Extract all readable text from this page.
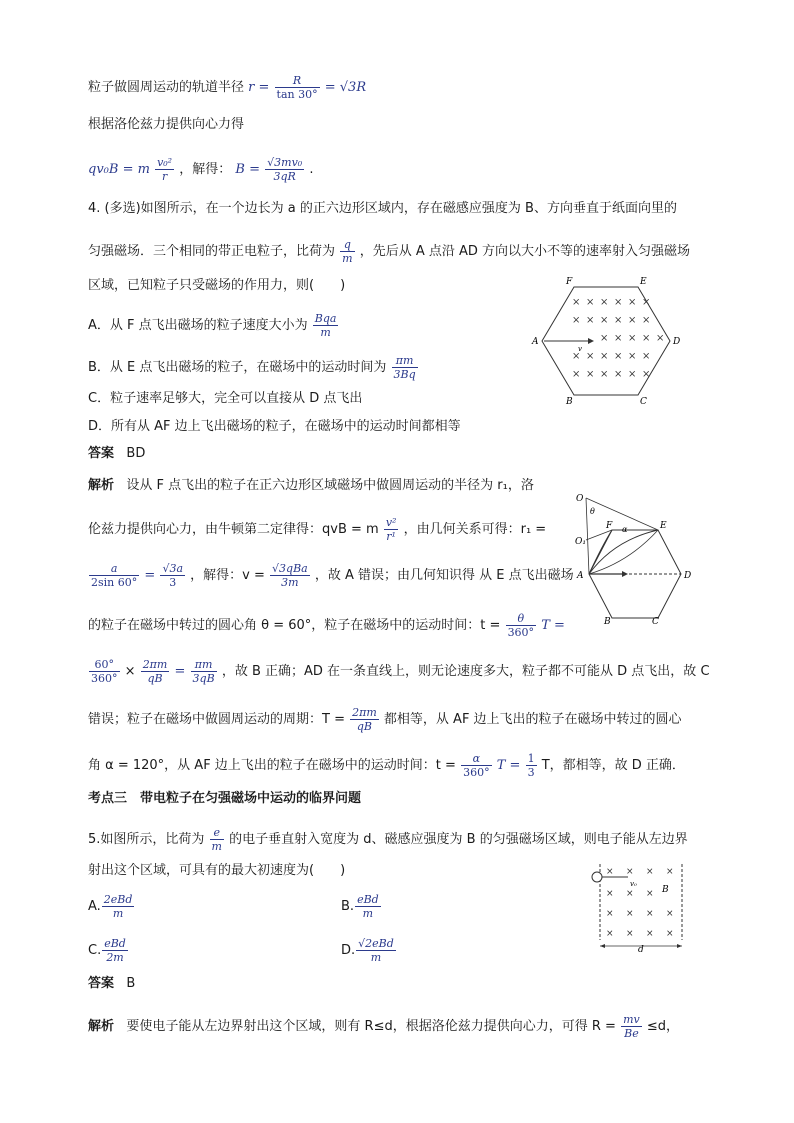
粒子做圆周运动的轨道半径 $r = \frac{R}{\tan 30^\circ} = √3R$
根据洛伦兹力提供向心力得
qv₀B = m $\frac{\text{v₀²}}{r}$ ，解得： $B = \frac{\text{√3mv₀}}{3qR}$ .
4. (多选)如图所示，在一个边长为 a 的正六边形区域内，存在磁感应强度为 B、方向垂直于纸面向里的
匀强磁场．三个相同的带正电粒子，比荷为 $\frac{q}{m}$ ，先后从 A 点沿 AD 方向以大小不等的速率射入匀强磁场
区域，已知粒子只受磁场的作用力，则(　　)
A．从 F 点飞出磁场的粒子速度大小为 $\frac{\text{Bqa}}{m}$
B．从 E 点飞出磁场的粒子，在磁场中的运动时间为 $\frac{\pi m}{3Bq}$
C．粒子速率足够大，完全可以直接从 D 点飞出
D．所有从 AF 边上飞出磁场的粒子，在磁场中的运动时间都相等
答案 BD
解析 设从 F 点飞出的粒子在正六边形区域磁场中做圆周运动的半径为 r₁，洛
伦兹力提供向心力，由牛顿第二定律得：qvB = m $\frac{\text{v²}}{\text{r¹}}$ ，由几何关系可得：r₁ =
$\frac{a}{2\sin 60^\circ} = \frac{√3a}{3}$ ，解得：$v = \frac{\text{√3qBa}}{3m}$ ，故 A 错误；由几何知识得 从 E 点飞出磁场
的粒子在磁场中转过的圆心角 θ = 60°，粒子在磁场中的运动时间：$t = \frac{\theta}{360^\circ}$ T =
$\frac{60^\circ}{360^\circ} \times \frac{2\pi m}{qB} = \frac{\pi m}{3qB}$ ，故 B 正确；AD 在一条直线上，则无论速度多大，粒子都不可能从 D 点飞出，故 C
错误；粒子在磁场中做圆周运动的周期：$T = \frac{2\pi m}{qB}$ 都相等，从 AF 边上飞出的粒子在磁场中转过的圆心
角 α = 120°，从 AF 边上飞出的粒子在磁场中的运动时间：$t = \frac{\alpha}{360^\circ}$ $T = \frac{1}{3}$ T，都相等，故 D 正确．
考点三　带电粒子在匀强磁场中运动的临界问题
5.如图所示，比荷为 $\frac{e}{m}$ 的电子垂直射入宽度为 d、磁感应强度为 B 的匀强磁场区域，则电子能从左边界
射出这个区域，可具有的最大初速度为(　　)
A. $\frac{\text{2eBd}}{m}$	B. $\frac{\text{eBd}}{m}$
C. $\frac{\text{eBd}}{2m}$	D. $\frac{\text{√2eBd}}{m}$
答案 B
解析 要使电子能从左边界射出这个区域，则有 R≤d，根据洛伦兹力提供向心力，可得 $R = \frac{mv}{Be} \le d$，
× × × × × ×
× × × × × ×
× × × × ×
× × × × × ×
× × × × × ×
F	E
A	D
B	C
v
O
θ
O₁
F α	E
A	D
B	C
× × × ×
× × ×
× × × ×
× × × ×
v₀
B
d
